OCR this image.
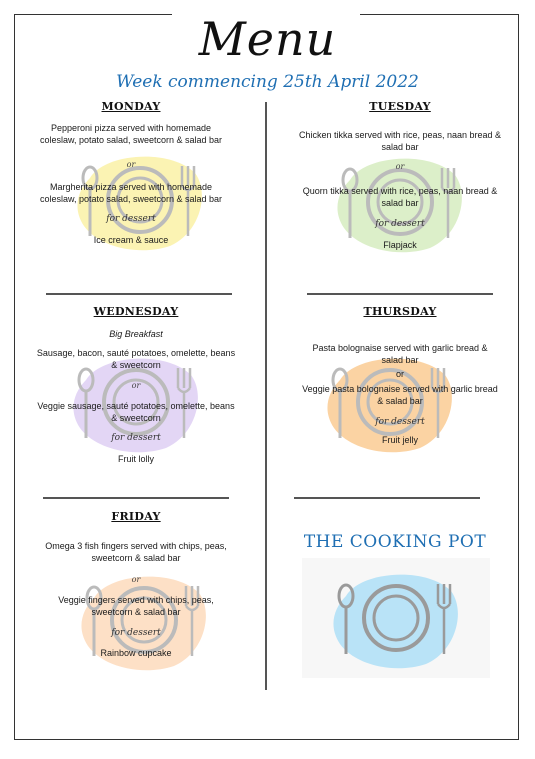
Menu
Week commencing 25th April 2022
MONDAY

Pepperoni pizza served with homemade coleslaw, potato salad, sweetcorn & salad bar

or

Margherita pizza served with homemade coleslaw, potato salad, sweetcorn & salad bar

for dessert

Ice cream & sauce

TUESDAY

Chicken tikka served with rice, peas, naan bread & salad bar

or

Quorn tikka served with rice, peas, naan bread & salad bar

for dessert

Flapjack

WEDNESDAY

Big Breakfast

Sausage, bacon, sauté potatoes, omelette, beans & sweetcorn

or

Veggie sausage, sauté potatoes, omelette, beans & sweetcorn

for dessert

Fruit lolly

THURSDAY

Pasta bolognaise served with garlic bread & salad bar

or

Veggie pasta bolognaise served with garlic bread & salad bar

for dessert

Fruit jelly

FRIDAY

Omega 3 fish fingers served with chips, peas, sweetcorn & salad bar

or

Veggie fingers served with chips, peas, sweetcorn & salad bar

for dessert

Rainbow cupcake

THE COOKING POT
